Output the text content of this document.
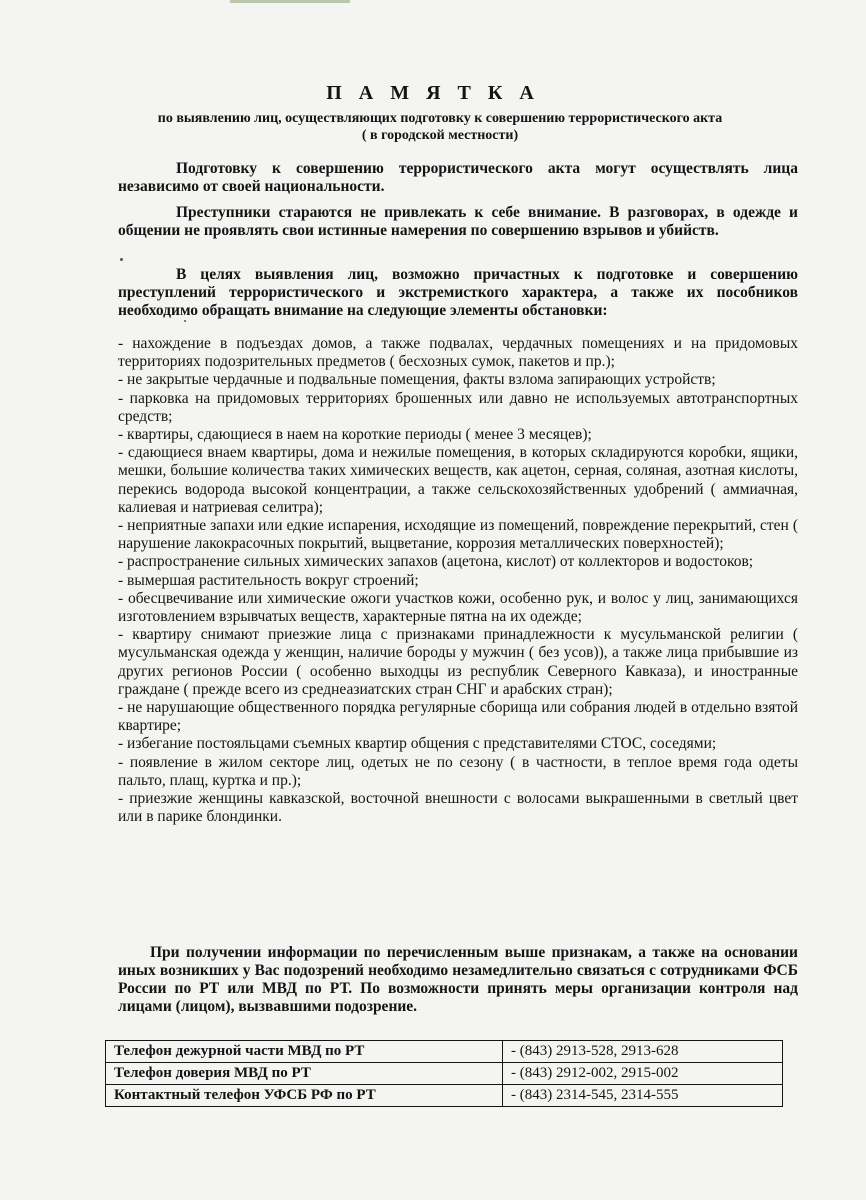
П А М Я Т К А
по выявлению лиц, осуществляющих подготовку к совершению террористического акта
( в городской местности)

Подготовку к совершению террористического акта могут осуществлять лица независимо от своей национальности.

Преступники стараются не привлекать к себе внимание. В разговорах, в одежде и общении не проявлять свои истинные намерения по совершению взрывов и убийств.

В целях выявления лиц, возможно причастных к подготовке и совершению преступлений террористического и экстремисткого характера, а также их пособников необходимо обращать внимание на следующие элементы обстановки:

- нахождение в подъездах домов, а также подвалах, чердачных помещениях и на придомовых территориях подозрительных предметов ( бесхозных сумок, пакетов и пр.);

- не закрытые чердачные и подвальные помещения, факты взлома запирающих устройств;

- парковка на придомовых территориях брошенных или давно не используемых автотранспортных средств;

- квартиры, сдающиеся в наем на короткие периоды ( менее 3 месяцев);

- сдающиеся внаем квартиры, дома и нежилые помещения, в которых складируются коробки, ящики, мешки, большие количества таких химических веществ, как ацетон, серная, соляная, азотная кислоты, перекись водорода высокой концентрации, а также сельскохозяйственных удобрений ( аммиачная, калиевая и натриевая селитра);

- неприятные запахи или едкие испарения, исходящие из помещений, повреждение перекрытий, стен ( нарушение лакокрасочных покрытий, выцветание, коррозия металлических поверхностей);

- распространение сильных химических запахов (ацетона, кислот) от коллекторов и водостоков;

- вымершая растительность вокруг строений;

- обесцвечивание или химические ожоги участков кожи, особенно рук, и волос у лиц, занимающихся изготовлением взрывчатых веществ, характерные пятна на их одежде;

- квартиру снимают приезжие лица с признаками принадлежности к мусульманской религии ( мусульманская одежда у женщин, наличие бороды у мужчин ( без усов)), а также лица прибывшие из других регионов России ( особенно выходцы из республик Северного Кавказа), и иностранные граждане ( прежде всего из среднеазиатских стран СНГ и арабских стран);

- не нарушающие общественного порядка регулярные сборища или собрания людей в отдельно взятой квартире;

- избегание постояльцами съемных квартир общения с представителями СТОС, соседями;

- появление в жилом секторе лиц, одетых не по сезону ( в частности, в теплое время года одеты пальто, плащ, куртка и пр.);

- приезжие женщины кавказской, восточной внешности с волосами выкрашенными в светлый цвет или в парике блондинки.

При получении информации по перечисленным выше признакам, а также на основании иных возникших у Вас подозрений необходимо незамедлительно связаться с сотрудниками ФСБ России по РТ или МВД по РТ. По возможности принять меры организации контроля над лицами (лицом), вызвавшими подозрение.

Телефон дежурной части МВД по РТ	- (843) 2913-528, 2913-628
Телефон доверия МВД по РТ	- (843) 2912-002, 2915-002
Контактный телефон УФСБ РФ по РТ	- (843) 2314-545, 2314-555
